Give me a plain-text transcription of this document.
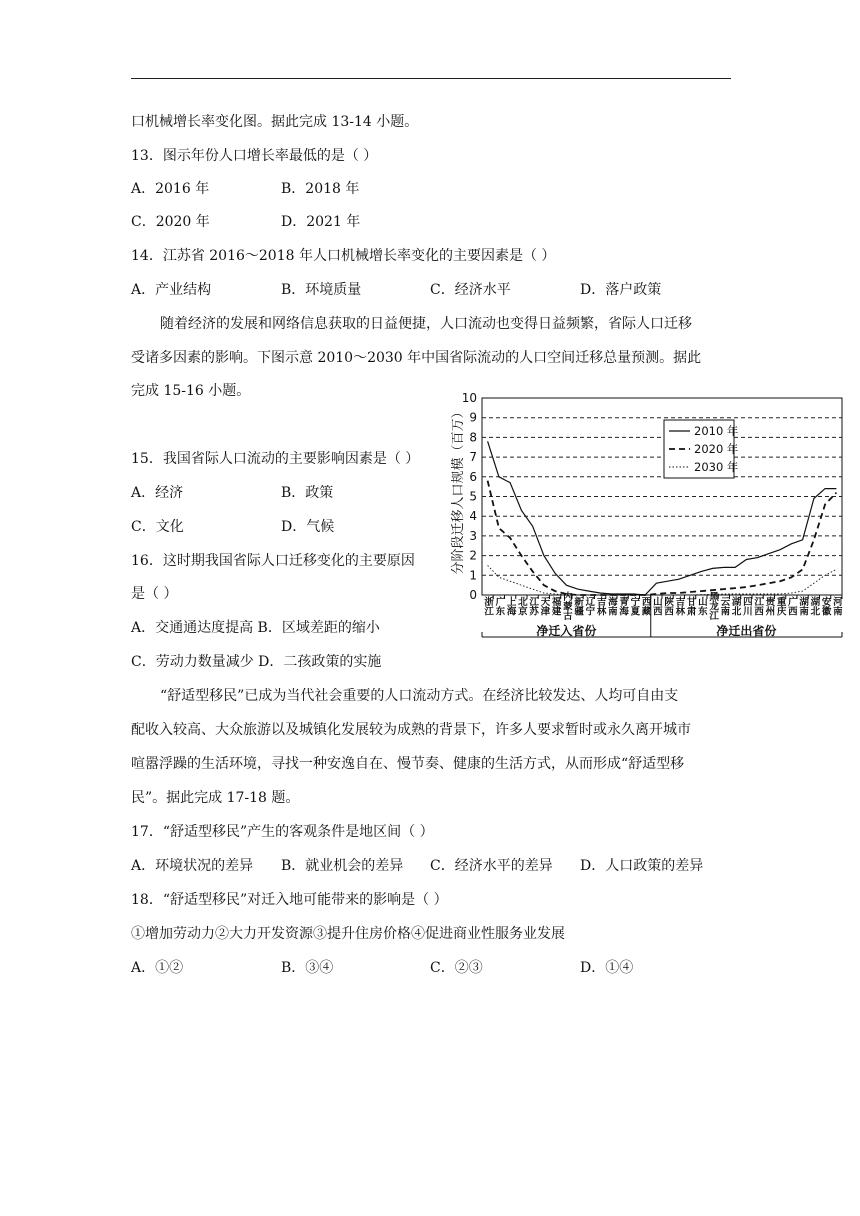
口机械增长率变化图。据此完成 13-14 小题。
13．图示年份人口增长率最低的是（ ）
A．2016 年	B．2018 年
C．2020 年	D．2021 年
14．江苏省 2016～2018 年人口机械增长率变化的主要因素是（ ）
A．产业结构	B．环境质量	C．经济水平	D．落户政策
随着经济的发展和网络信息获取的日益便捷，人口流动也变得日益频繁，省际人口迁移
受诸多因素的影响。下图示意 2010～2030 年中国省际流动的人口空间迁移总量预测。据此
完成 15-16 小题。
15．我国省际人口流动的主要影响因素是（ ）
A．经济	B．政策
C．文化	D．气候
16．这时期我国省际人口迁移变化的主要原因
是（ ）
A．交通通达度提高 B．区域差距的缩小
C．劳动力数量减少 D．二孩政策的实施
“舒适型移民”已成为当代社会重要的人口流动方式。在经济比较发达、人均可自由支
配收入较高、大众旅游以及城镇化发展较为成熟的背景下，许多人要求暂时或永久离开城市
喧嚣浮躁的生活环境，寻找一种安逸自在、慢节奏、健康的生活方式，从而形成“舒适型移
民”。据此完成 17-18 题。
17．“舒适型移民”产生的客观条件是地区间（ ）
A．环境状况的差异 B．就业机会的差异 C．经济水平的差异 D．人口政策的差异
18．“舒适型移民”对迁入地可能带来的影响是（ ）
①增加劳动力②大力开发资源③提升住房价格④促进商业性服务业发展
A．①②	B．③④	C．②③	D．①④
0
1
2
3
4
5
6
7
8
9
10
分阶段迁移人口规模（百万）
浙江 广东 上海 北京 江苏 天津 福建 内蒙古 新疆 辽宁 吉林 海南 青海 宁夏 西藏 山西 陕西 吉林 甘肃 山东 黑龙江 云南 湖北 四川 江西 贵州 重庆 广西 湖南 湖北 安徽 河南
净迁入省份	净迁出省份
2010 年
2020 年
2030 年
